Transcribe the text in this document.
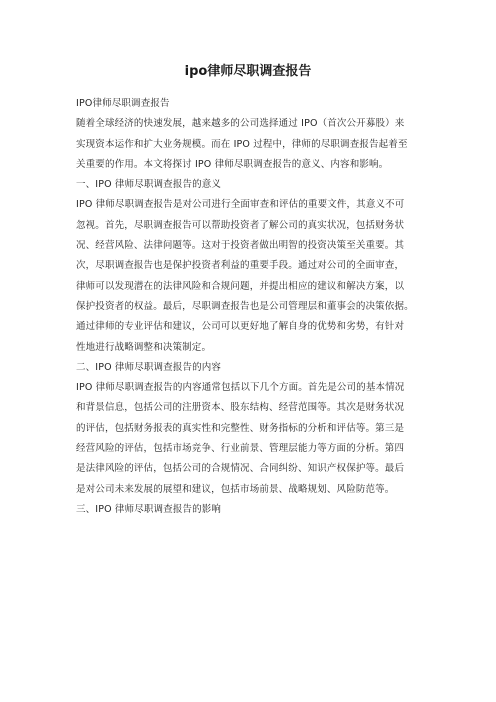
ipo律师尽职调查报告
IPO律师尽职调查报告
随着全球经济的快速发展，越来越多的公司选择通过 IPO（首次公开募股）来
实现资本运作和扩大业务规模。而在 IPO 过程中，律师的尽职调查报告起着至
关重要的作用。本文将探讨 IPO 律师尽职调查报告的意义、内容和影响。
一、IPO 律师尽职调查报告的意义
IPO 律师尽职调查报告是对公司进行全面审查和评估的重要文件，其意义不可
忽视。首先，尽职调查报告可以帮助投资者了解公司的真实状况，包括财务状
况、经营风险、法律问题等。这对于投资者做出明智的投资决策至关重要。其
次，尽职调查报告也是保护投资者利益的重要手段。通过对公司的全面审查，
律师可以发现潜在的法律风险和合规问题，并提出相应的建议和解决方案，以
保护投资者的权益。最后，尽职调查报告也是公司管理层和董事会的决策依据。
通过律师的专业评估和建议，公司可以更好地了解自身的优势和劣势，有针对
性地进行战略调整和决策制定。
二、IPO 律师尽职调查报告的内容
IPO 律师尽职调查报告的内容通常包括以下几个方面。首先是公司的基本情况
和背景信息，包括公司的注册资本、股东结构、经营范围等。其次是财务状况
的评估，包括财务报表的真实性和完整性、财务指标的分析和评估等。第三是
经营风险的评估，包括市场竞争、行业前景、管理层能力等方面的分析。第四
是法律风险的评估，包括公司的合规情况、合同纠纷、知识产权保护等。最后
是对公司未来发展的展望和建议，包括市场前景、战略规划、风险防范等。
三、IPO 律师尽职调查报告的影响
